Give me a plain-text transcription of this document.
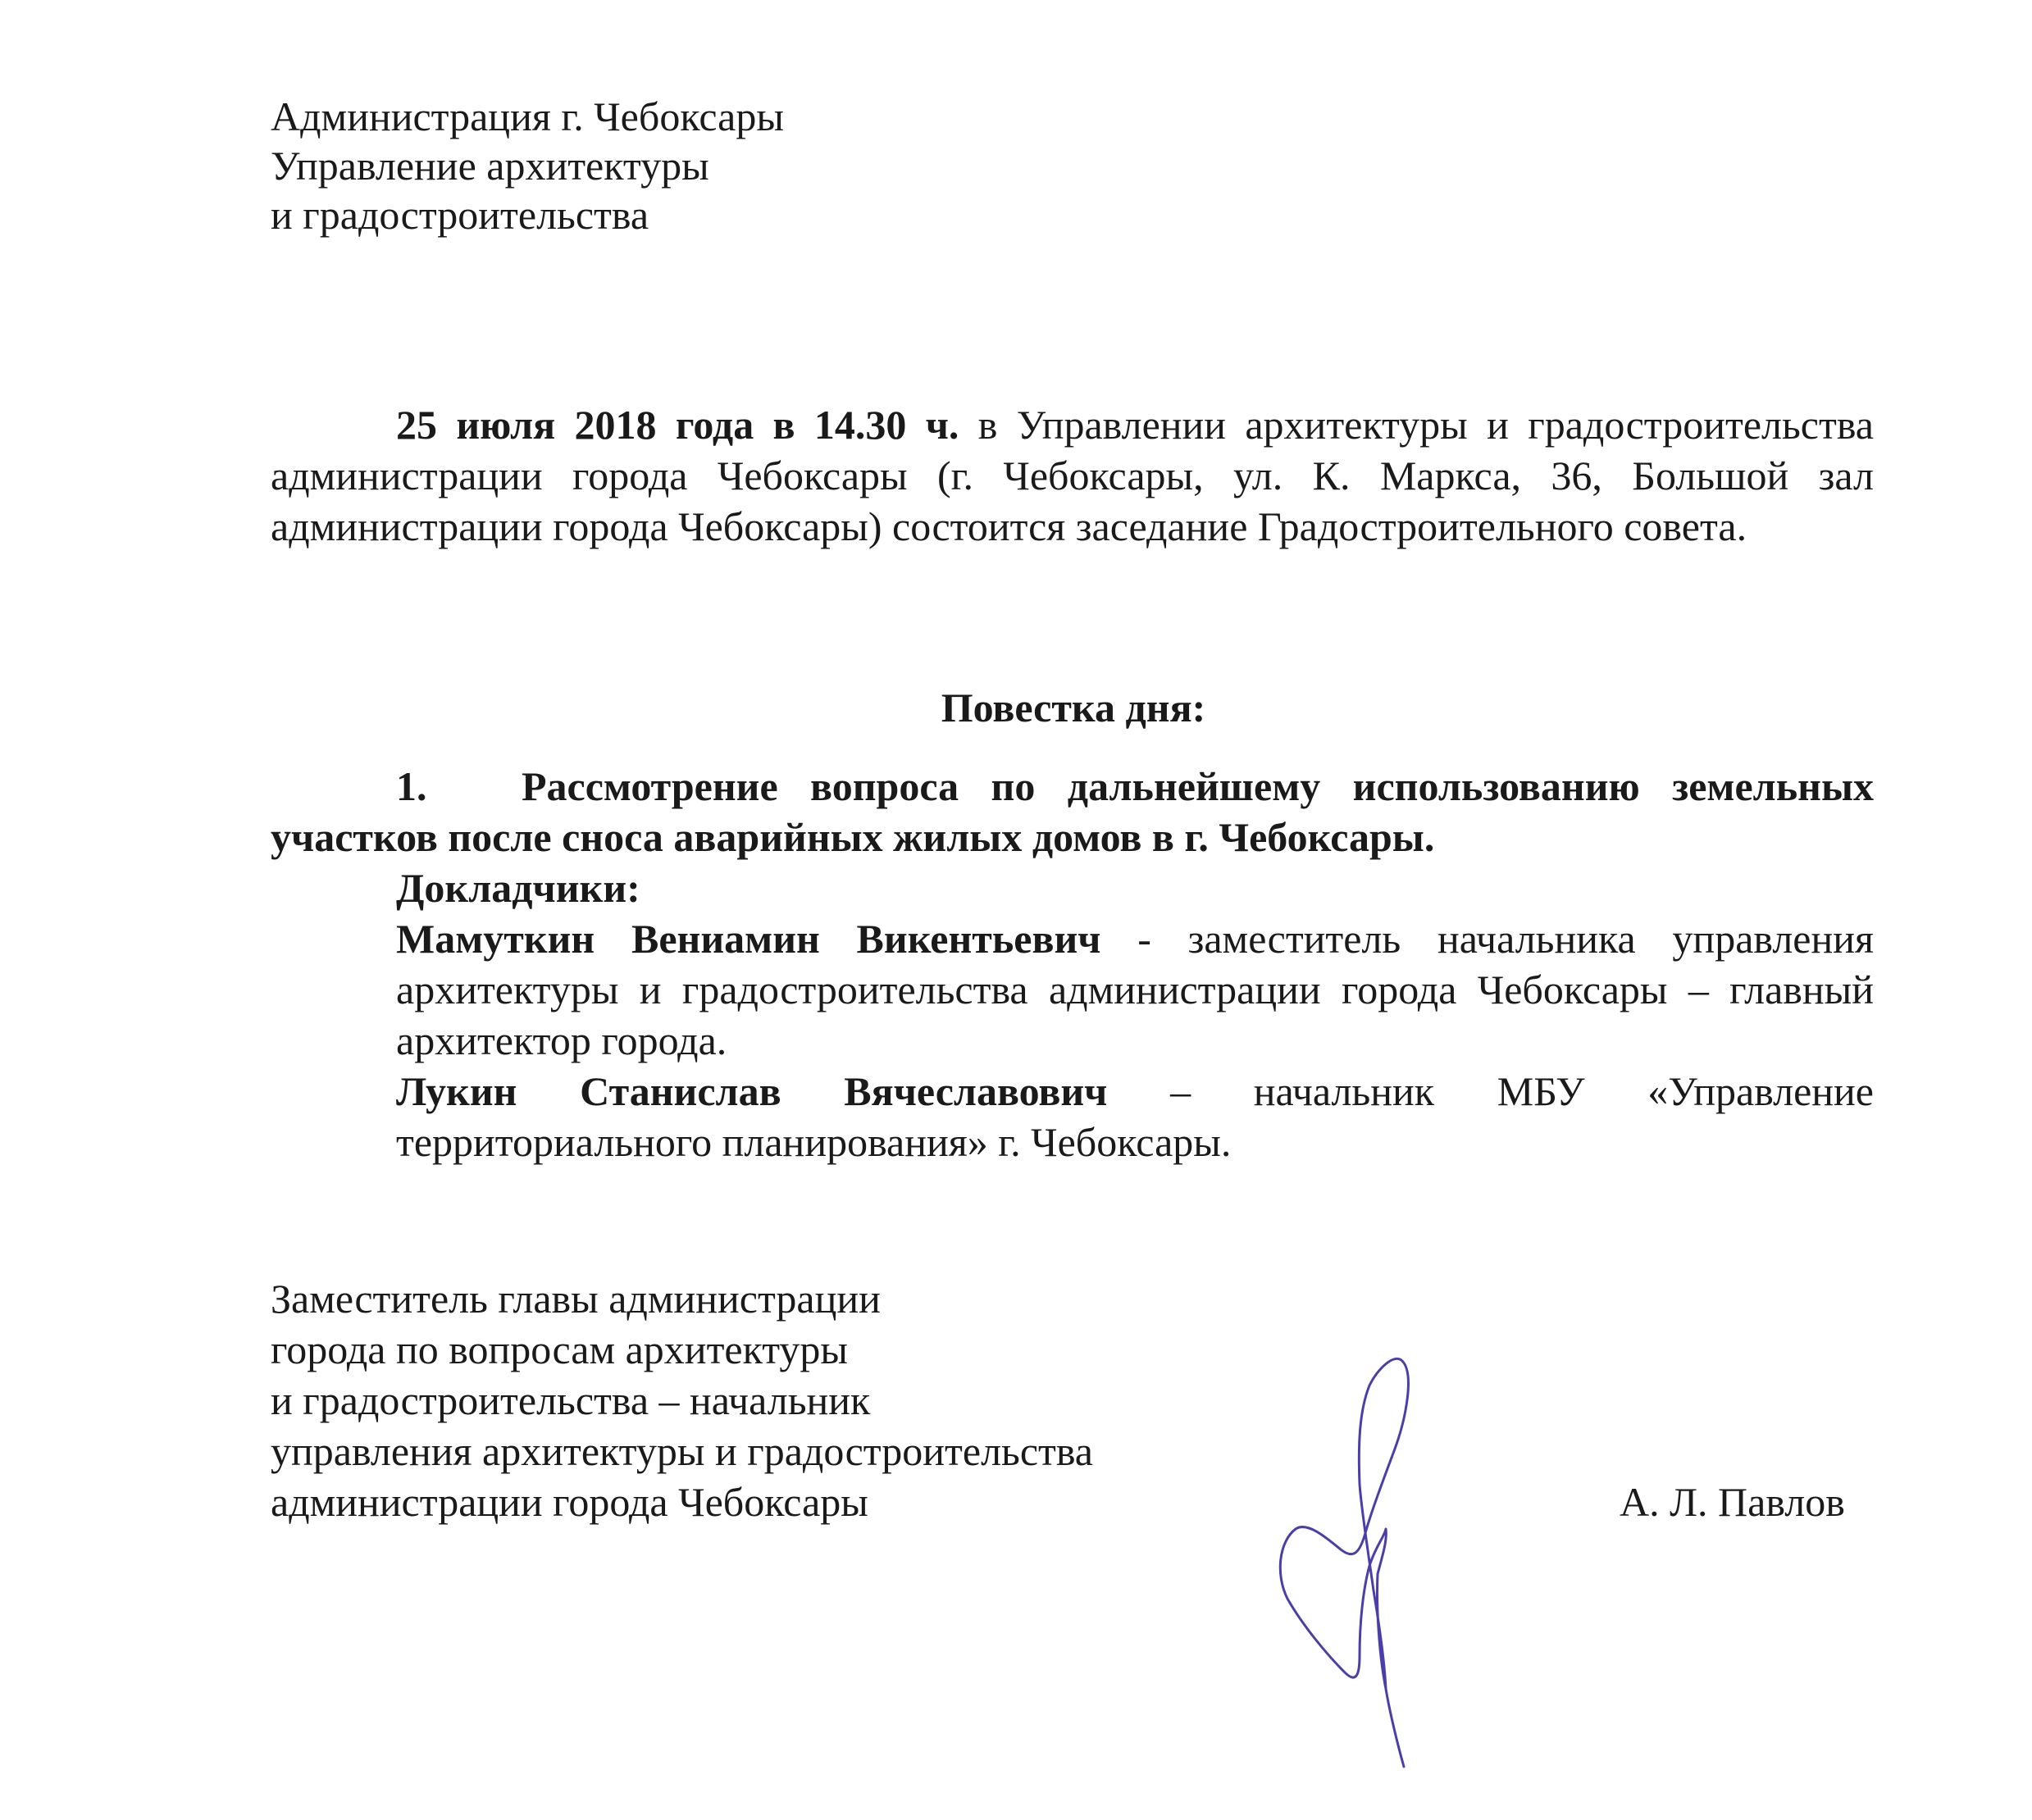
Администрация г. Чебоксары
Управление архитектуры
и градостроительства

25 июля 2018 года в 14.30 ч. в Управлении архитектуры и градостроительства администрации города Чебоксары (г. Чебоксары, ул. К. Маркса, 36, Большой зал администрации города Чебоксары) состоится заседание Градостроительного совета.

Повестка дня:

1. Рассмотрение вопроса по дальнейшему использованию земельных участков после сноса аварийных жилых домов в г. Чебоксары.

Докладчики:

Мамуткин Вениамин Викентьевич - заместитель начальника управления архитектуры и градостроительства администрации города Чебоксары – главный архитектор города.

Лукин Станислав Вячеславович – начальник МБУ «Управление территориального планирования» г. Чебоксары.

Заместитель главы администрации
города по вопросам архитектуры
и градостроительства – начальник
управления архитектуры и градостроительства
администрации города Чебоксары	А. Л. Павлов
